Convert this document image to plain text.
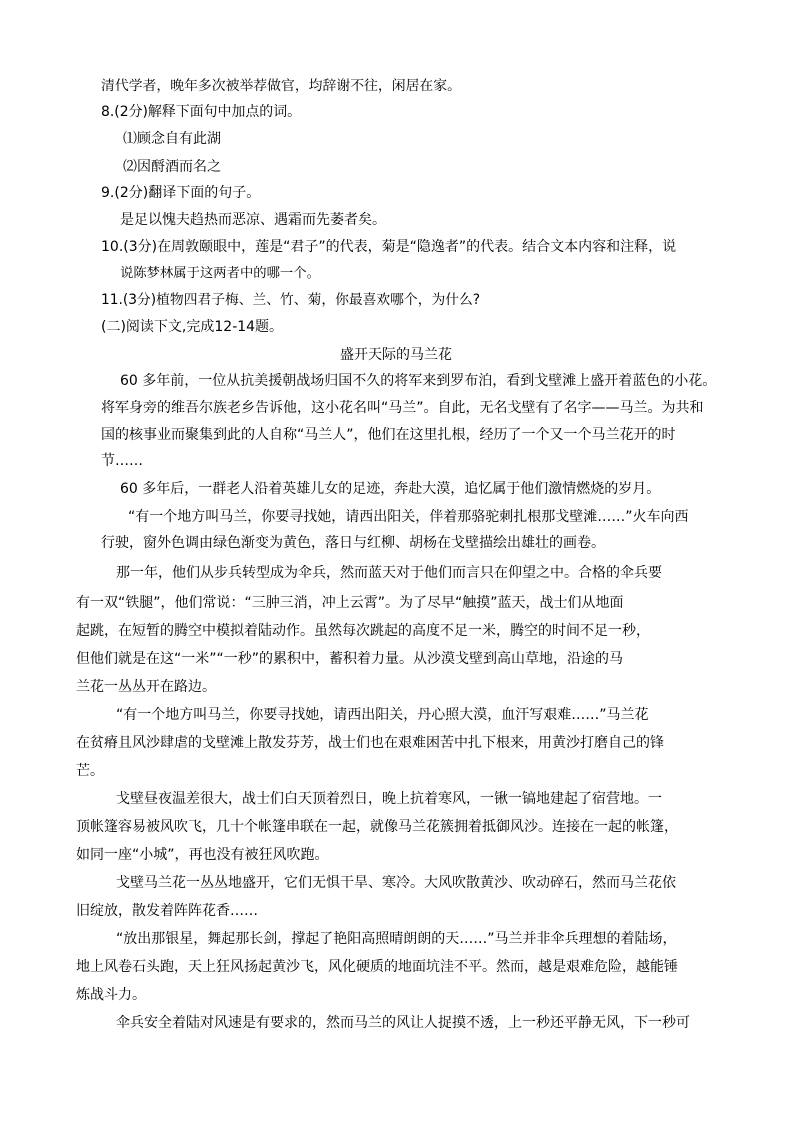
清代学者，晚年多次被举荐做官，均辞谢不往，闲居在家。
8.(2分)解释下面句中加点的词。
⑴顾念自有此湖
⑵因酹酒而名之
9.(2分)翻译下面的句子。
是足以愧夫趋热而恶凉、遇霜而先萎者矣。
10.(3分)在周敦颐眼中，莲是“君子”的代表，菊是“隐逸者”的代表。结合文本内容和注释，说
说陈梦林属于这两者中的哪一个。
11.(3分)植物四君子梅、兰、竹、菊，你最喜欢哪个，为什么?
(二)阅读下文,完成12-14题。
盛开天际的马兰花
60 多年前，一位从抗美援朝战场归国不久的将军来到罗布泊，看到戈壁滩上盛开着蓝色的小花。
将军身旁的维吾尔族老乡告诉他，这小花名叫“马兰”。自此，无名戈壁有了名字——马兰。为共和
国的核事业而聚集到此的人自称“马兰人”，他们在这里扎根，经历了一个又一个马兰花开的时
节……
60 多年后，一群老人沿着英雄儿女的足迹，奔赴大漠，追忆属于他们激情燃烧的岁月。
“有一个地方叫马兰，你要寻找她，请西出阳关，伴着那骆驼刺扎根那戈壁滩……”火车向西
行驶，窗外色调由绿色渐变为黄色，落日与红柳、胡杨在戈壁描绘出雄壮的画卷。
那一年，他们从步兵转型成为伞兵，然而蓝天对于他们而言只在仰望之中。合格的伞兵要
有一双“铁腿”，他们常说：“三肿三消，冲上云霄”。为了尽早“触摸”蓝天，战士们从地面
起跳，在短暂的腾空中模拟着陆动作。虽然每次跳起的高度不足一米，腾空的时间不足一秒，
但他们就是在这“一米”“一秒”的累积中，蓄积着力量。从沙漠戈壁到高山草地，沿途的马
兰花一丛丛开在路边。
“有一个地方叫马兰，你要寻找她，请西出阳关，丹心照大漠，血汗写艰难……”马兰花
在贫瘠且风沙肆虐的戈壁滩上散发芬芳，战士们也在艰难困苦中扎下根来，用黄沙打磨自己的锋
芒。
戈壁昼夜温差很大，战士们白天顶着烈日，晚上抗着寒风，一锹一镐地建起了宿营地。一
顶帐篷容易被风吹飞，几十个帐篷串联在一起，就像马兰花簇拥着抵御风沙。连接在一起的帐篷，
如同一座“小城”，再也没有被狂风吹跑。
戈壁马兰花一丛丛地盛开，它们无惧干旱、寒冷。大风吹散黄沙、吹动碎石，然而马兰花依
旧绽放，散发着阵阵花香……
“放出那银星，舞起那长剑，撑起了艳阳高照晴朗朗的天……”马兰并非伞兵理想的着陆场，
地上风卷石头跑，天上狂风扬起黄沙飞，风化硬质的地面坑洼不平。然而，越是艰难危险，越能锤
炼战斗力。
伞兵安全着陆对风速是有要求的，然而马兰的风让人捉摸不透，上一秒还平静无风，下一秒可
